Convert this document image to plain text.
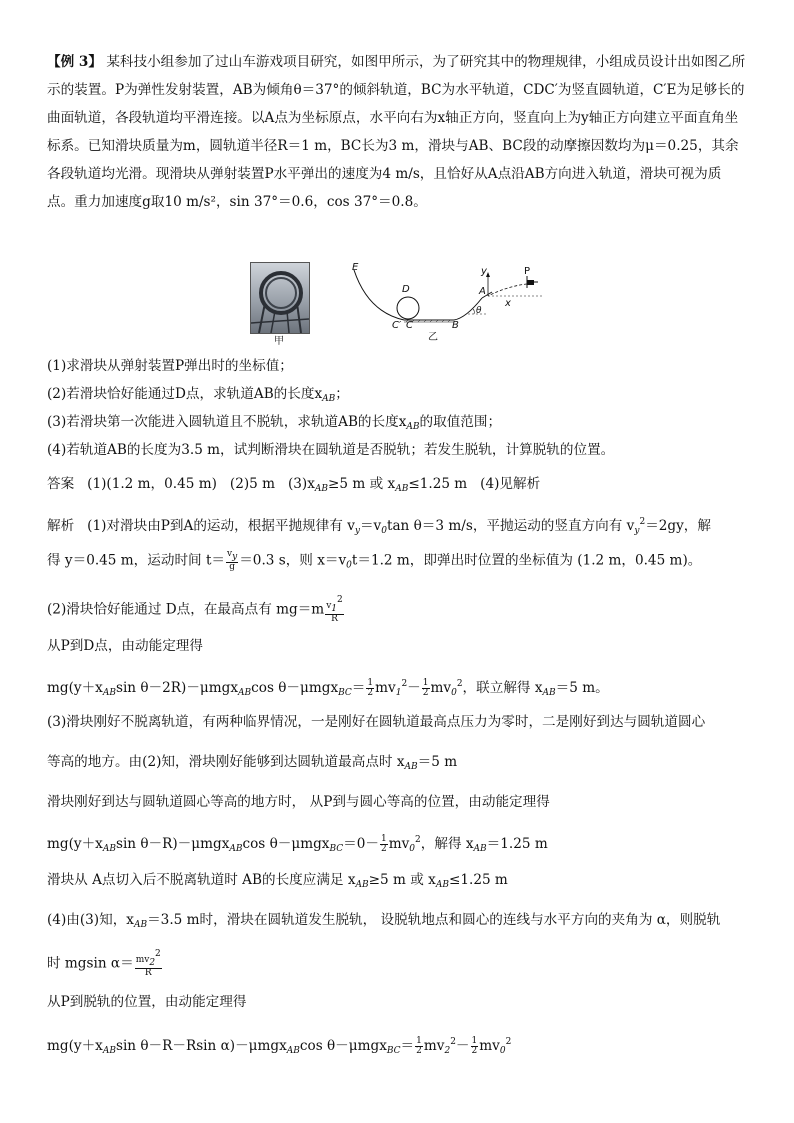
【例 3】 某科技小组参加了过山车游戏项目研究，如图甲所示，为了研究其中的物理规律，小组成员设计出如图乙所示的装置。P为弹性发射装置，AB为倾角θ＝37°的倾斜轨道，BC为水平轨道，CDC′为竖直圆轨道，C′E为足够长的曲面轨道，各段轨道均平滑连接。以A点为坐标原点，水平向右为x轴正方向，竖直向上为y轴正方向建立平面直角坐标系。已知滑块质量为m，圆轨道半径R＝1 m，BC长为3 m，滑块与AB、BC段的动摩擦因数均为μ＝0.25，其余各段轨道均光滑。现滑块从弹射装置P水平弹出的速度为4 m/s，且恰好从A点沿AB方向进入轨道，滑块可视为质点。重力加速度g取10 m/s²，sin 37°＝0.6，cos 37°＝0.8。

甲
E
D
C′ C	B
A
y
x
P
θ
乙
(1)求滑块从弹射装置P弹出时的坐标值；
(2)若滑块恰好能通过D点，求轨道AB的长度$x_{AB}$；
(3)若滑块第一次能进入圆轨道且不脱轨，求轨道AB的长度$x_{AB}$的取值范围；
(4)若轨道AB的长度为3.5 m，试判断滑块在圆轨道是否脱轨；若发生脱轨，计算脱轨的位置。
答案 (1)(1.2 m，0.45 m) (2)5 m $(3)x_{AB}\ge 5$ m 或 $x_{AB}\le 1.25$ m (4)见解析
解析 (1)对滑块由P到A的运动，根据平抛规律有 $v_y=v_0\tan$ θ＝3 m/s，平抛运动的竖直方向有 $v_y^2=2gy$，解
得 y＝0.45 m，运动时间 $t= \frac{v_y}{g} =0.3$ s，则 $x=v_0t=1.2$ m，即弹出时位置的坐标值为 (1.2 m，0.45 m)。
(2)滑块恰好能通过 D点，在最高点有 $mg=m \frac{v_1^2}{R}$
从P到D点，由动能定理得
$mg(y+x_{AB}\sin$ θ－2R)－μmgx$_{AB}$cos $\theta-\mu mgx_{BC}= \frac{1}{2} mv_1^2- \frac{1}{2} mv_0^2$，联立解得 $x_{AB}=5$ m。
(3)滑块刚好不脱离轨道，有两种临界情况，一是刚好在圆轨道最高点压力为零时，二是刚好到达与圆轨道圆心
等高的地方。由(2)知，滑块刚好能够到达圆轨道最高点时 $x_{AB}=5$ m
滑块刚好到达与圆轨道圆心等高的地方时， 从P到与圆心等高的位置，由动能定理得
$mg(y+x_{AB}\sin$ θ－R)－μmgx$_{AB}$cos $\theta-\mu mgx_{BC}=0- \frac{1}{2} mv_0^2$，解得 $x_{AB}=1.25$ m
滑块从 A点切入后不脱离轨道时 AB的长度应满足 $x_{AB}\ge 5$ m 或 $x_{AB}\le 1.25$ m
(4)由(3)知，$x_{AB}=3.5$ m时，滑块在圆轨道发生脱轨， 设脱轨地点和圆心的连线与水平方向的夹角为 α，则脱轨
时 mgsin $\alpha= \frac{mv_2^2}{R}$
从P到脱轨的位置，由动能定理得
$mg(y+x_{AB}\sin$ θ－R－Rsin α)－μmgx$_{AB}$cos $\theta-\mu mgx_{BC}= \frac{1}{2} mv_2^2- \frac{1}{2} mv_0^2$
